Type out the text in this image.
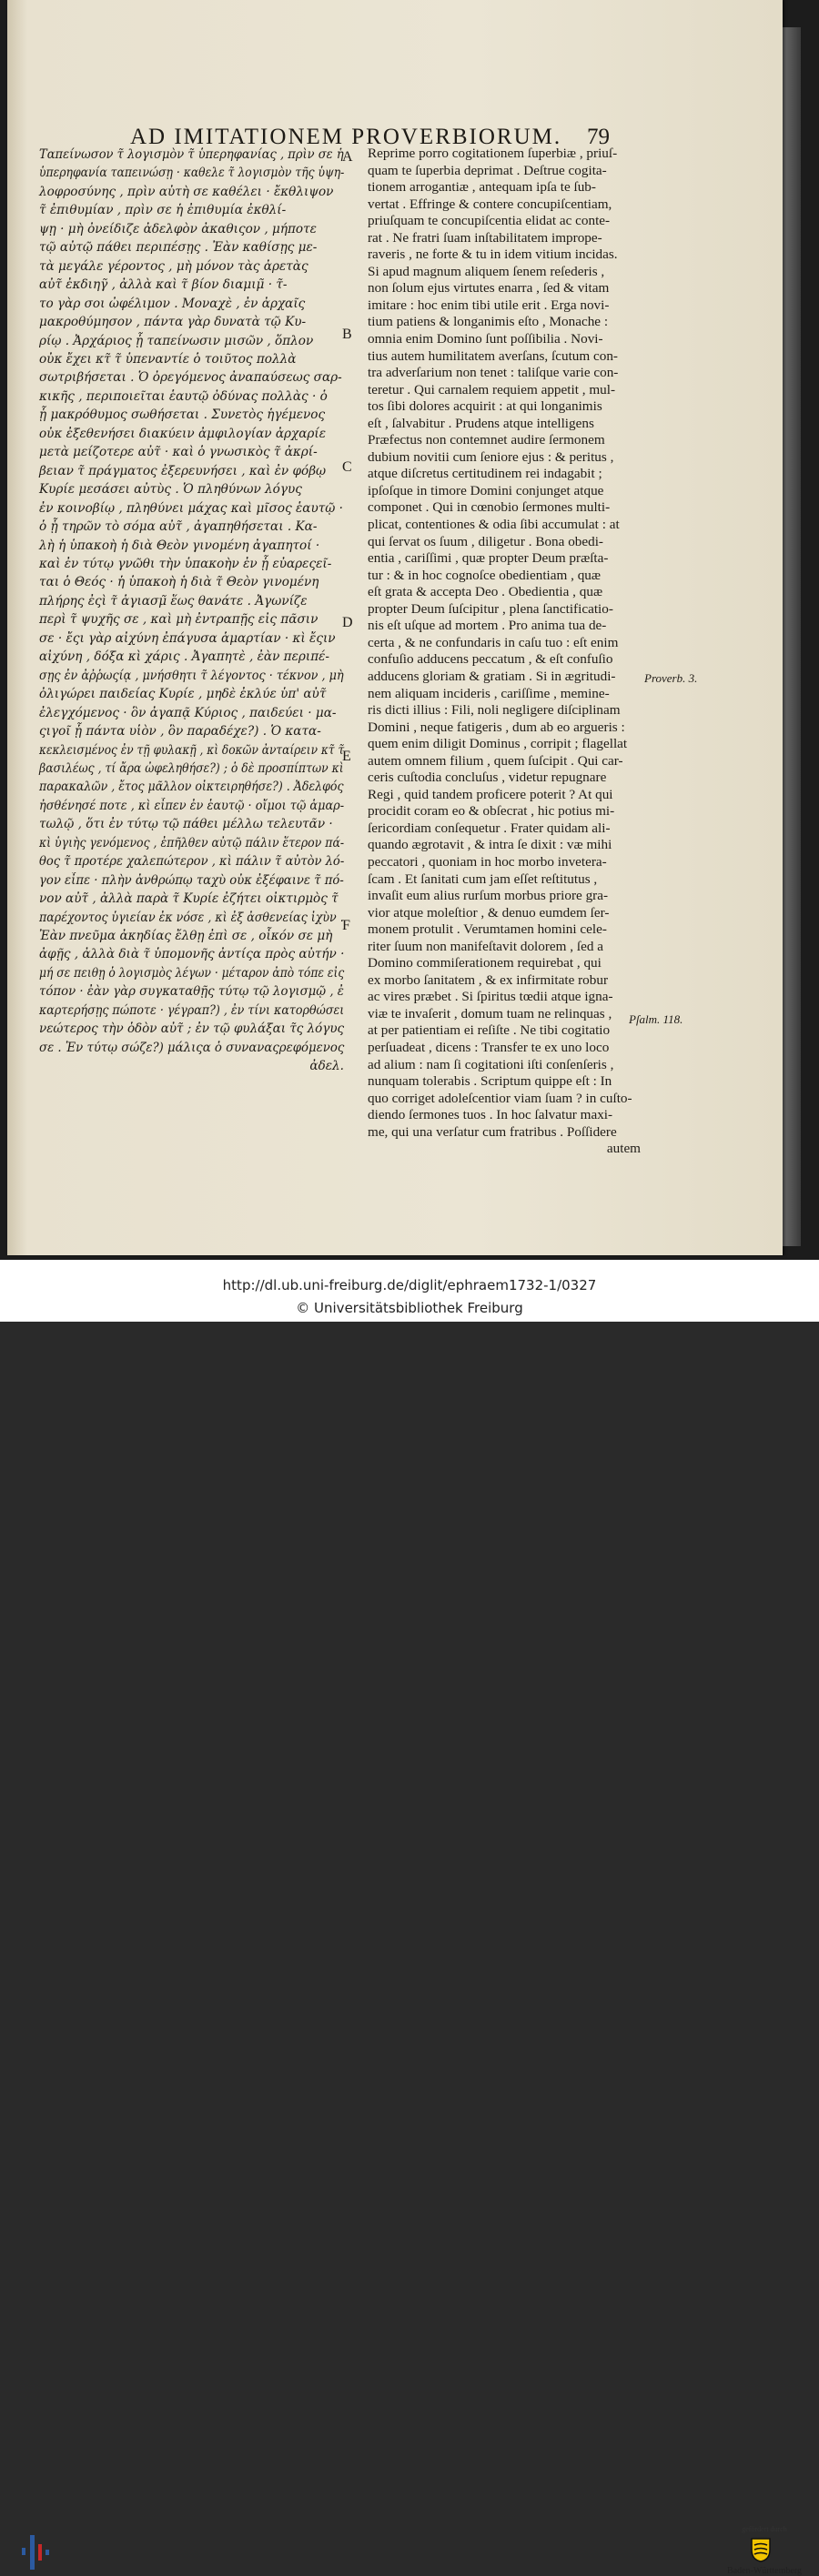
AD IMITATIONEM PROVERBIORUM.	79
Ταπείνωσον τ̃ λογισμὸν τ̃ ὑπερηφανίας , πρὶν σε ἡ
ὑπερηφανία ταπεινώσῃ · καθελε τ̃ λογισμὸν τῆς ὑψη-
λοφροσύνης , πρὶν αὐτὴ σε καθέλει · ἔκθλιψον
τ̃ ἐπιθυμίαν , πρὶν σε ἡ ἐπιθυμία ἐκθλί-
ψῃ · μὴ ὀνείδιζε ἀδελφὸν ἀκαθιςον , μήποτε
τῷ αὐτῷ πάθει περιπέσῃς . Ἐὰν καθίσῃς με-
τὰ μεγάλε γέροντος , μὴ μόνον τὰς ἀρετὰς
αὐτ̃ ἐκδιηγ̃ , ἀλλὰ καὶ τ̃ βίον διαμιμ̃ · τ̃-
το γὰρ σοι ὠφέλιμον . Μοναχὲ , ἐν ἀρχαῖς
μακροθύμησον , πάντα γὰρ δυνατὰ τῷ Κυ-
ρίῳ . Ἀρχάριος ᾗ ταπείνωσιν μισῶν , ὅπλον
οὐκ ἔχει κτ̃ τ̃ ὑπεναντίε ὁ τοιῦτος πολλὰ
σωτριβήσεται . Ὁ ὀρεγόμενος ἀναπαύσεως σαρ-
κικῆς , περιποιεῖται ἑαυτῷ ὀδύνας πολλὰς · ὁ
ᾗ μακρόθυμος σωθήσεται . Συνετὸς ἡγέμενος
οὐκ ἐξεθενήσει διακύειν ἀμφιλογίαν ἀρχαρίε
μετὰ μείζοτερε αὐτ̃ · καὶ ὁ γνωσικὸς τ̃ ἀκρί-
βειαν τ̃ πράγματος ἐξερευνήσει , καὶ ἐν φόβῳ
Κυρίε μεσάσει αὐτὺς . Ὁ πληθύνων λόγυς
ἐν κοινοβίῳ , πληθύνει μάχας καὶ μῖσος ἑαυτῷ ·
ὁ ᾗ τηρῶν τὸ σόμα αὐτ̃ , ἀγαπηθήσεται . Κα-
λὴ ἡ ὑπακοὴ ἡ διὰ Θεὸν γινομένη ἀγαπητοί ·
καὶ ἐν τύτῳ γνῶθι τὴν ὑπακοὴν ἐν ᾗ εὐαρεςεῖ-
ται ὁ Θεός · ἡ ὑπακοὴ ἡ διὰ τ̃ Θεὸν γινομένη
πλήρης ἐςὶ τ̃ ἁγιασμ̃ ἕως θανάτε . Ἀγωνίζε
περὶ τ̃ ψυχῆς σε , καὶ μὴ ἐντραπῇς εἰς πᾶσιν
σε · ἔςι γὰρ αἰχύνη ἐπάγυσα ἁμαρτίαν · κὶ ἔςιν
αἰχύνη , δόξα κὶ χάρις . Ἀγαπητὲ , ἐὰν περιπέ-
σῃς ἐν ἀῤῥωςίᾳ , μνήσθητι τ̃ λέγοντος · τέκνον , μὴ
ὀλιγώρει παιδείας Κυρίε , μηδὲ ἐκλύε ὑπ' αὐτ̃
ἐλεγχόμενος · ὃν ἀγαπᾷ Κύριος , παιδεύει · μα-
ςιγοῖ ᾗ πάντα υἱὸν , ὃν παραδέχε?) . Ὁ κατα-
κεκλεισμένος ἐν τῇ φυλακῇ , κὶ δοκῶν ἀνταίρειν κτ̃ τ̃
βασιλέως , τί ἄρα ὠφεληθήσε?) ; ὁ δὲ προσπίπτων κὶ
παρακαλῶν , ἔτος μᾶλλον οἰκτειρηθήσε?) . Ἀδελφός
ἠσθένησέ ποτε , κὶ εἶπεν ἐν ἑαυτῷ · οἴμοι τῷ ἁμαρ-
τωλῷ , ὅτι ἐν τύτῳ τῷ πάθει μέλλω τελευτᾶν ·
κὶ ὑγιὴς γενόμενος , ἐπῆλθεν αὐτῷ πάλιν ἕτερον πά-
θος τ̃ προτέρε χαλεπώτερον , κὶ πάλιν τ̃ αὐτὸν λό-
γον εἶπε · πλὴν ἀνθρώπῳ ταχὺ οὐκ ἐξέφαινε τ̃ πό-
νον αὐτ̃ , ἀλλὰ παρὰ τ̃ Κυρίε ἐζήτει οἰκτιρμὸς τ̃
παρέχοντος ὑγιείαν ἐκ νόσε , κὶ ἐξ ἀσθενείας ἰχὺν .
Ἐὰν πνεῦμα ἀκηδίας ἔλθῃ ἐπὶ σε , οἶκόν σε μὴ
ἀφῇς , ἀλλὰ διὰ τ̃ ὑπομονῆς ἀντίςα πρὸς αὐτήν ·
μή σε πειθῃ ὁ λογισμὸς λέγων · μέταρον ἀπὸ τόπε εἰς
τόπον · ἐὰν γὰρ συγκαταθῇς τύτῳ τῷ λογισμῷ , ἐ
καρτερήσῃς πώποτε · γέγραπ?) , ἐν τίνι κατορθώσει
νεώτερος τὴν ὁδὸν αὐτ̃ ; ἐν τῷ φυλάξαι τ̃ς λόγυς
σε . Ἐν τύτῳ σώζε?) μάλιςα ὁ συναναςρεφόμενος
ἀδελ.
Reprime porro cogitationem ſuperbiæ , priuſ-
quam te ſuperbia deprimat . Deſtrue cogita-
tionem arrogantiæ , antequam ipſa te ſub-
vertat . Effringe & contere concupiſcentiam,
priuſquam te concupiſcentia elidat ac conte-
rat . Ne fratri ſuam inſtabilitatem imprope-
raveris , ne forte & tu in idem vitium incidas.
Si apud magnum aliquem ſenem reſederis ,
non ſolum ejus virtutes enarra , ſed & vitam
imitare : hoc enim tibi utile erit . Erga novi-
tium patiens & longanimis eſto , Monache :
omnia enim Domino ſunt poſſibilia . Novi-
tius autem humilitatem averſans, ſcutum con-
tra adverſarium non tenet : taliſque varie con-
teretur . Qui carnalem requiem appetit , mul-
tos ſibi dolores acquirit : at qui longanimis
eſt , ſalvabitur . Prudens atque intelligens
Præfectus non contemnet audire ſermonem
dubium novitii cum ſeniore ejus : & peritus ,
atque diſcretus certitudinem rei indagabit ;
ipſoſque in timore Domini conjunget atque
componet . Qui in cœnobio ſermones multi-
plicat, contentiones & odia ſibi accumulat : at
qui ſervat os ſuum , diligetur . Bona obedi-
entia , cariſſimi , quæ propter Deum præſta-
tur : & in hoc cognoſce obedientiam , quæ
eſt grata & accepta Deo . Obedientia , quæ
propter Deum ſuſcipitur , plena ſanctificatio-
nis eſt uſque ad mortem . Pro anima tua de-
certa , & ne confundaris in caſu tuo : eſt enim
confuſio adducens peccatum , & eſt confuſio
adducens gloriam & gratiam . Si in ægritudi-
nem aliquam incideris , cariſſime , memine-
ris dicti illius : Fili, noli negligere diſciplinam
Domini , neque fatigeris , dum ab eo argueris :
quem enim diligit Dominus , corripit ; flagellat
autem omnem filium , quem ſuſcipit . Qui car-
ceris cuſtodia concluſus , videtur repugnare
Regi , quid tandem proficere poterit ? At qui
procidit coram eo & obſecrat , hic potius mi-
ſericordiam conſequetur . Frater quidam ali-
quando ægrotavit , & intra ſe dixit : væ mihi
peccatori , quoniam in hoc morbo invetera-
ſcam . Et ſanitati cum jam eſſet reſtitutus ,
invaſit eum alius rurſum morbus priore gra-
vior atque moleſtior , & denuo eumdem ſer-
monem protulit . Verumtamen homini cele-
riter ſuum non manifeſtavit dolorem , ſed a
Domino commiſerationem requirebat , qui
ex morbo ſanitatem , & ex infirmitate robur
ac vires præbet . Si ſpiritus tœdii atque igna-
viæ te invaſerit , domum tuam ne relinquas ,
at per patientiam ei reſiſte . Ne tibi cogitatio
perſuadeat , dicens : Transfer te ex uno loco
ad alium : nam ſi cogitationi iſti conſenſeris ,
nunquam tolerabis . Scriptum quippe eſt : In
quo corriget adoleſcentior viam ſuam ? in cuſto-
diendo ſermones tuos . In hoc ſalvatur maxi-
me, qui una verſatur cum fratribus . Poſſidere
autem
A
B
C
D
E
F
Proverb. 3.
Pſalm. 118.
gefördert durch
Baden-Württemberg
http://dl.ub.uni-freiburg.de/diglit/ephraem1732-1/0327
© Universitätsbibliothek Freiburg
